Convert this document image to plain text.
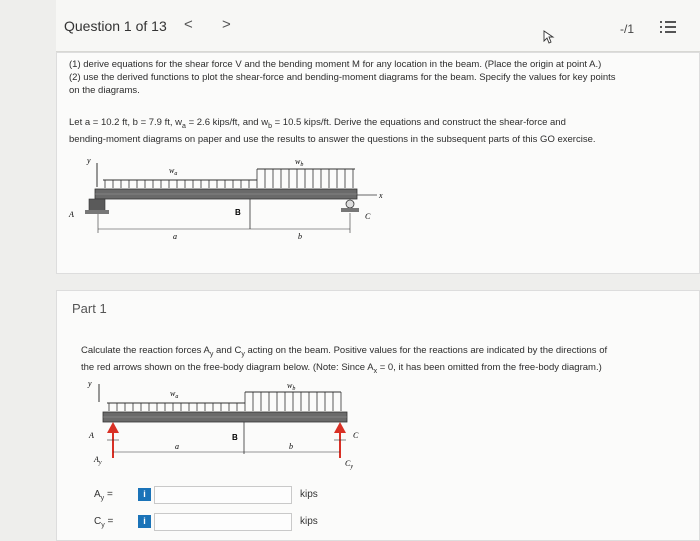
Question 1 of 13 < >	-/1
(1) derive equations for the shear force V and the bending moment M for any location in the beam. (Place the origin at point A.)
(2) use the derived functions to plot the shear-force and bending-moment diagrams for the beam. Specify the values for key points
on the diagrams.
Let a = 10.2 ft, b = 7.9 ft, $w_a = 2.6$ kips/ft, and $w_b = 10.5$ kips/ft. Derive the equations and construct the shear-force and
bending-moment diagrams on paper and use the results to answer the questions in the subsequent parts of this GO exercise.
y
$w_a$
$w_b$
x
A	C
B
a	b
Part 1
Calculate the reaction forces $A_y$ and $C_y$ acting on the beam. Positive values for the reactions are indicated by the directions of
the red arrows shown on the free-body diagram below. (Note: Since $A_x = 0$, it has been omitted from the free-body diagram.)
y
$w_a$
$w_b$
A
$A_y$
C
$C_y$
B
a	b
$A_y$ =	i	kips
$C_y$ =	i	kips
